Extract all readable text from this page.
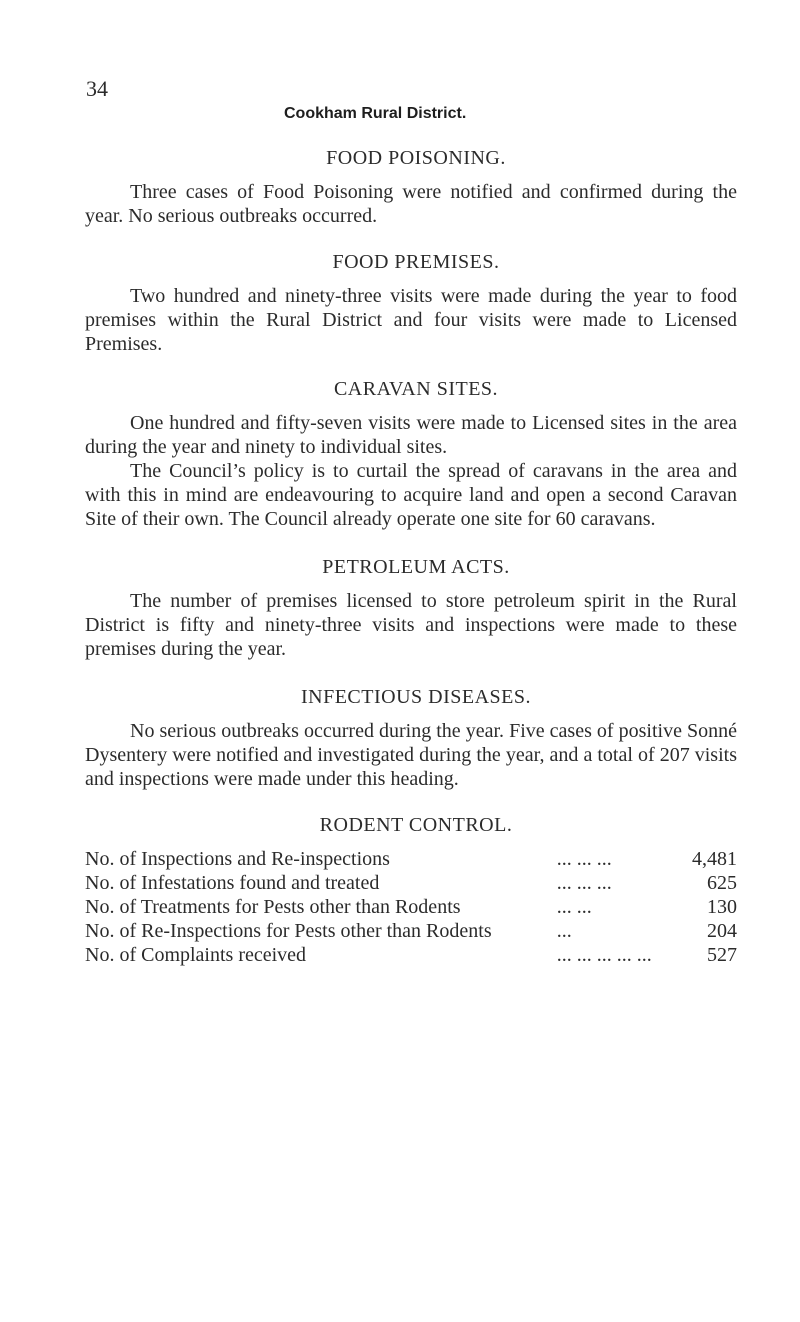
34
Cookham Rural District.
FOOD POISONING.

Three cases of Food Poisoning were notified and confirmed during the year. No serious outbreaks occurred.

FOOD PREMISES.

Two hundred and ninety-three visits were made during the year to food premises within the Rural District and four visits were made to Licensed Premises.

CARAVAN SITES.

One hundred and fifty-seven visits were made to Licensed sites in the area during the year and ninety to individual sites.

The Council’s policy is to curtail the spread of caravans in the area and with this in mind are endeavouring to acquire land and open a second Caravan Site of their own. The Council already operate one site for 60 caravans.

PETROLEUM ACTS.

The number of premises licensed to store petroleum spirit in the Rural District is fifty and ninety-three visits and inspections were made to these premises during the year.

INFECTIOUS DISEASES.

No serious outbreaks occurred during the year. Five cases of positive Sonné Dysentery were notified and investigated during the year, and a total of 207 visits and inspections were made under this heading.

RODENT CONTROL.
No. of Inspections and Re-inspections	... ... ...	4,481
No. of Infestations found and treated	... ... ...	625
No. of Treatments for Pests other than Rodents	... ...	130
No. of Re-Inspections for Pests other than Rodents	...	204
No. of Complaints received	... ... ... ... ...	527
